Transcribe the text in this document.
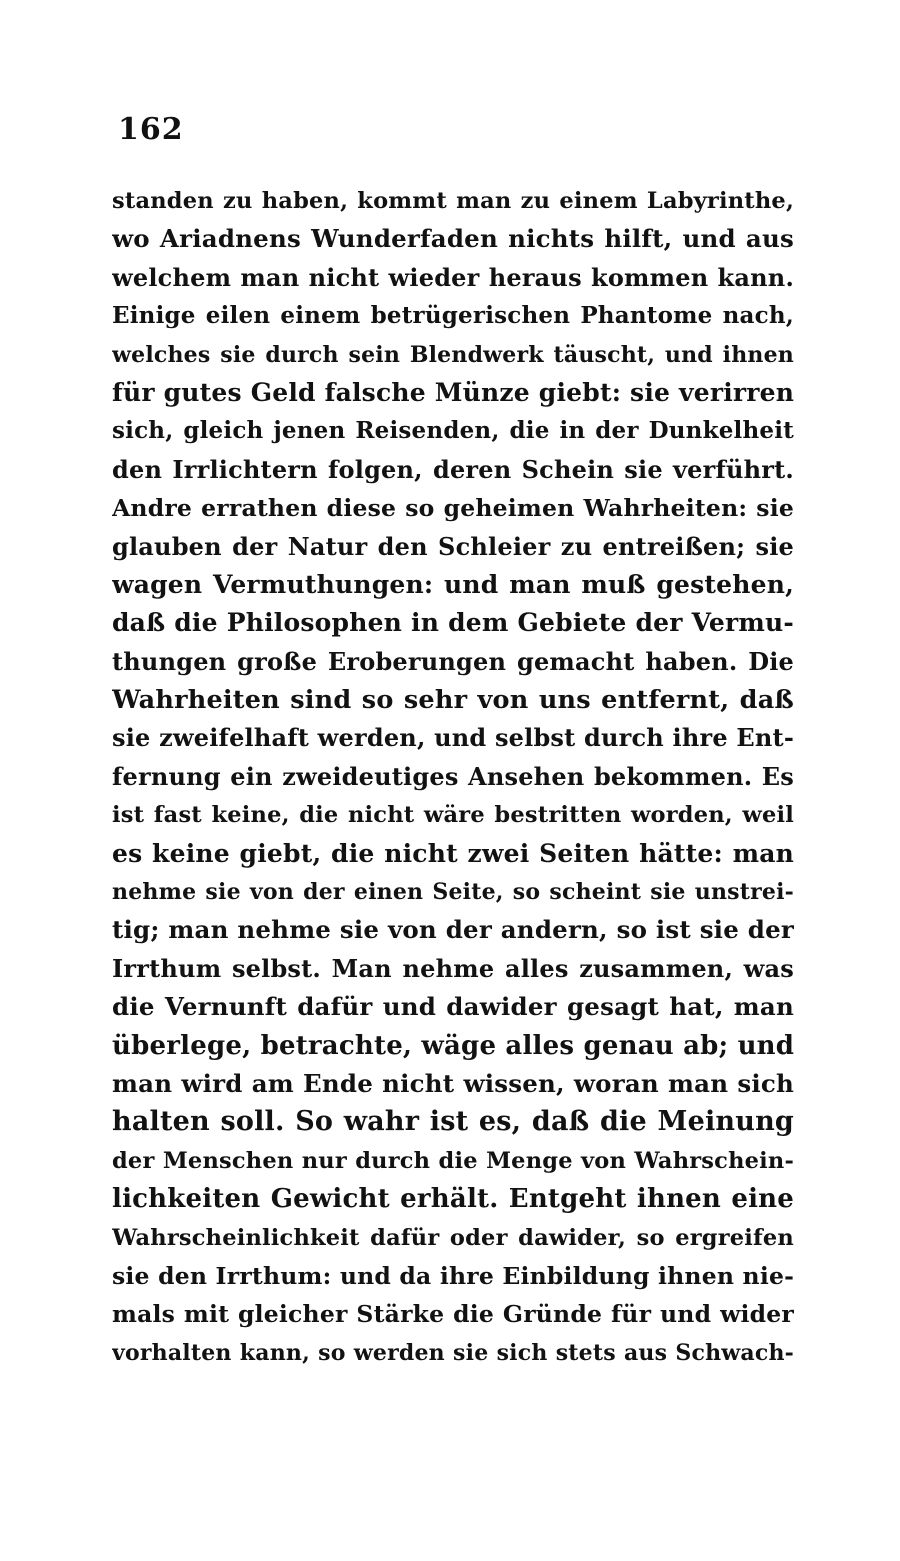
162
standen zu haben, kommt man zu einem Labyrinthe,
wo Ariadnens Wunderfaden nichts hilft, und aus
welchem man nicht wieder heraus kommen kann.
Einige eilen einem betrügerischen Phantome nach,
welches sie durch sein Blendwerk täuscht, und ihnen
für gutes Geld falsche Münze giebt: sie verirren
sich, gleich jenen Reisenden, die in der Dunkelheit
den Irrlichtern folgen, deren Schein sie verführt.
Andre errathen diese so geheimen Wahrheiten: sie
glauben der Natur den Schleier zu entreißen; sie
wagen Vermuthungen: und man muß gestehen,
daß die Philosophen in dem Gebiete der Vermu-
thungen große Eroberungen gemacht haben. Die
Wahrheiten sind so sehr von uns entfernt, daß
sie zweifelhaft werden, und selbst durch ihre Ent-
fernung ein zweideutiges Ansehen bekommen. Es
ist fast keine, die nicht wäre bestritten worden, weil
es keine giebt, die nicht zwei Seiten hätte: man
nehme sie von der einen Seite, so scheint sie unstrei-
tig; man nehme sie von der andern, so ist sie der
Irrthum selbst. Man nehme alles zusammen, was
die Vernunft dafür und dawider gesagt hat, man
überlege, betrachte, wäge alles genau ab; und
man wird am Ende nicht wissen, woran man sich
halten soll. So wahr ist es, daß die Meinung
der Menschen nur durch die Menge von Wahrschein-
lichkeiten Gewicht erhält. Entgeht ihnen eine
Wahrscheinlichkeit dafür oder dawider, so ergreifen
sie den Irrthum: und da ihre Einbildung ihnen nie-
mals mit gleicher Stärke die Gründe für und wider
vorhalten kann, so werden sie sich stets aus Schwach-
